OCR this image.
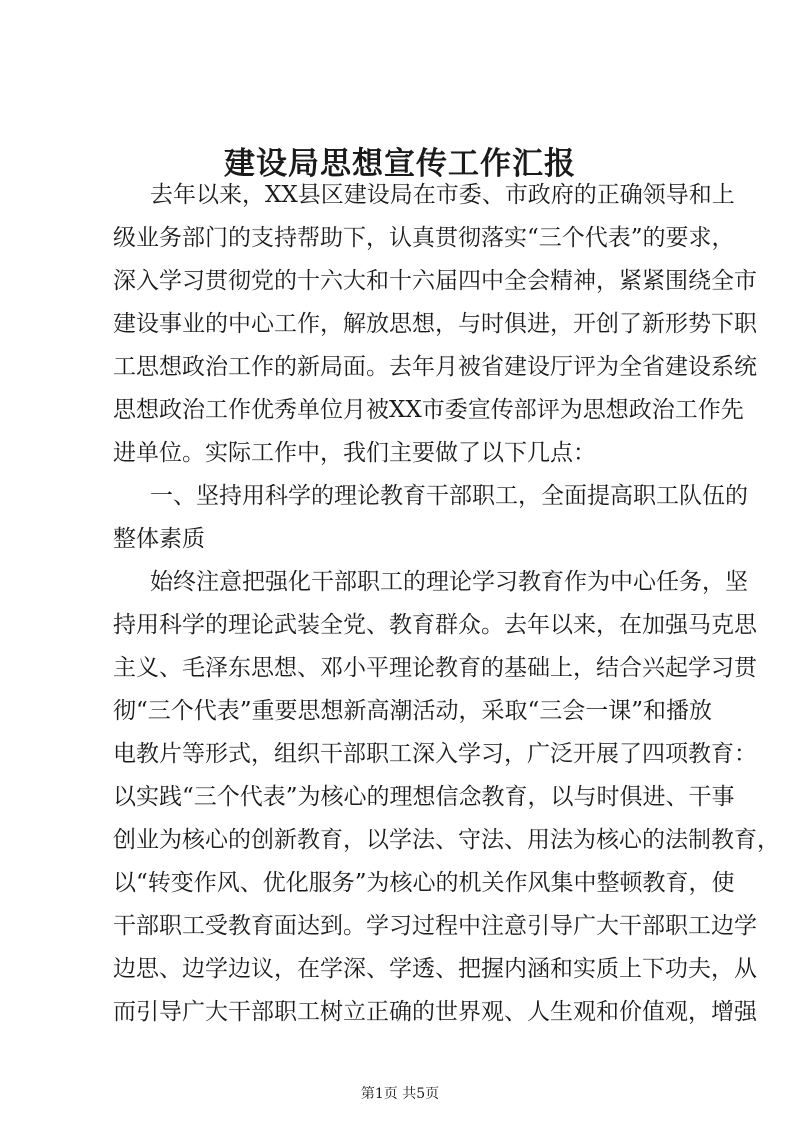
建设局思想宣传工作汇报
去年以来，XX县区建设局在市委、市政府的正确领导和上
级业务部门的支持帮助下，认真贯彻落实“三个代表”的要求，
深入学习贯彻党的十六大和十六届四中全会精神，紧紧围绕全市
建设事业的中心工作，解放思想，与时俱进，开创了新形势下职
工思想政治工作的新局面。去年月被省建设厅评为全省建设系统
思想政治工作优秀单位月被XX市委宣传部评为思想政治工作先
进单位。实际工作中，我们主要做了以下几点：
一、坚持用科学的理论教育干部职工，全面提高职工队伍的
整体素质
始终注意把强化干部职工的理论学习教育作为中心任务，坚
持用科学的理论武装全党、教育群众。去年以来，在加强马克思
主义、毛泽东思想、邓小平理论教育的基础上，结合兴起学习贯
彻“三个代表”重要思想新高潮活动，采取“三会一课”和播放
电教片等形式，组织干部职工深入学习，广泛开展了四项教育：
以实践“三个代表”为核心的理想信念教育，以与时俱进、干事
创业为核心的创新教育，以学法、守法、用法为核心的法制教育，
以“转变作风、优化服务”为核心的机关作风集中整顿教育，使
干部职工受教育面达到。学习过程中注意引导广大干部职工边学
边思、边学边议，在学深、学透、把握内涵和实质上下功夫，从
而引导广大干部职工树立正确的世界观、人生观和价值观，增强
第1页 共5页
